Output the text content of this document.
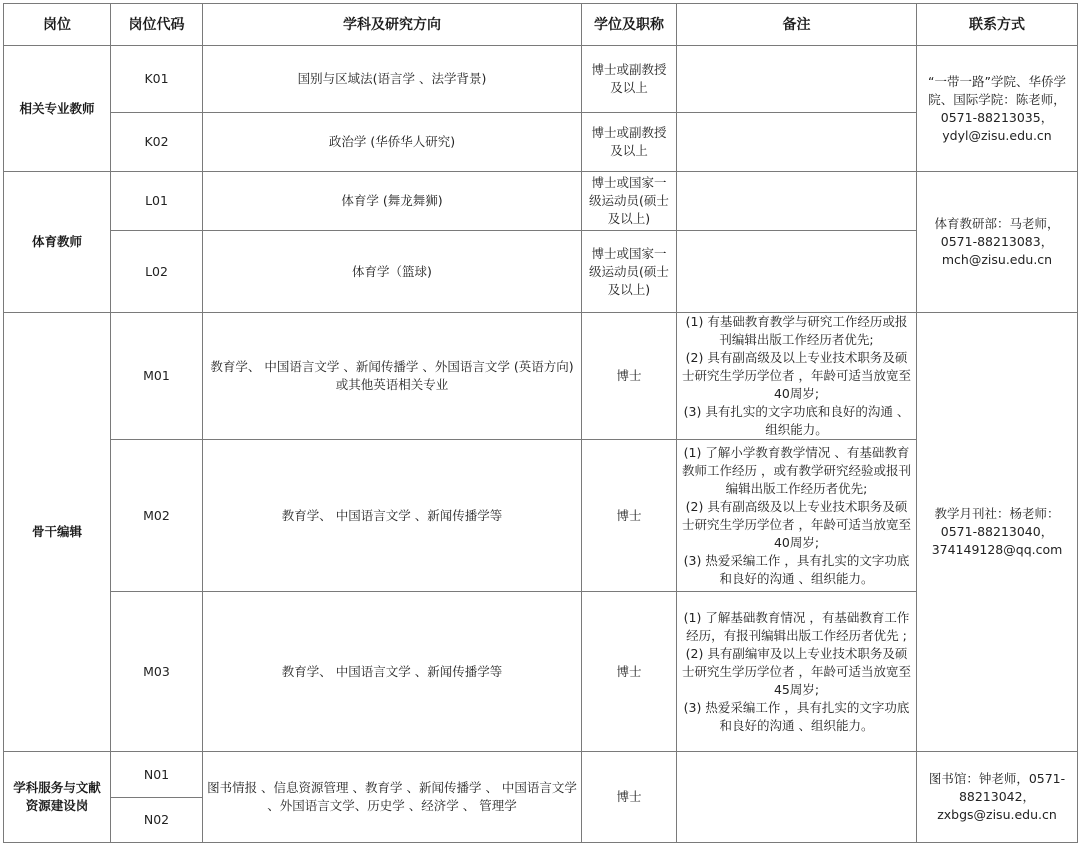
岗位	岗位代码	学科及研究方向	学位及职称	备注	联系方式
相关专业教师	K01	国别与区域法(语言学 、法学背景)	博士或副教授及以上		“一带一路”学院、华侨学院、国际学院：陈老师，
0571-88213035，
ydyl@zisu.edu.cn

	K02	政治学 (华侨华人研究)	博士或副教授及以上		
体育教师	L01	体育学 (舞龙舞狮)	博士或国家一级运动员(硕士及以上)		体育教研部：马老师，
0571-88213083，
mch@zisu.edu.cn

	L02	体育学（篮球)	博士或国家一级运动员(硕士及以上)		
骨干编辑	M01	教育学、 中国语言文学 、新闻传播学 、外国语言文学 (英语方向) 或其他英语相关专业	博士	
(1) 有基础教育教学与研究工作经历或报刊编辑出版工作经历者优先;
(2) 具有副高级及以上专业技术职务及硕士研究生学历学位者 ，年龄可适当放宽至40周岁;
(3) 具有扎实的文字功底和良好的沟通 、组织能力。

教学月刊社：杨老师：
0571-88213040，
374149128@qq.com

	M02	教育学、 中国语言文学 、新闻传播学等	博士	(1) 了解小学教育教学情况 、有基础教育教师工作经历 ，或有教学研究经验或报刊编辑出版工作经历者优先;
(2) 具有副高级及以上专业技术职务及硕士研究生学历学位者 ，年龄可适当放宽至40周岁;
(3) 热爱采编工作 ，具有扎实的文字功底和良好的沟通 、组织能力。	

	M03	教育学、 中国语言文学 、新闻传播学等	博士	(1) 了解基础教育情况 ，有基础教育工作经历，有报刊编辑出版工作经历者优先 ;
(2) 具有副编审及以上专业技术职务及硕士研究生学历学位者 ，年龄可适当放宽至45周岁;
(3) 热爱采编工作 ，具有扎实的文字功底和良好的沟通 、组织能力。	

学科服务与文献资源建设岗	N01	图书情报 、信息资源管理 、教育学 、新闻传播学 、 中国语言文学 、外国语言文学、历史学 、经济学 、 管理学	博士		图书馆：钟老师，0571-
88213042，
zxbgs@zisu.edu.cn

	N02				
